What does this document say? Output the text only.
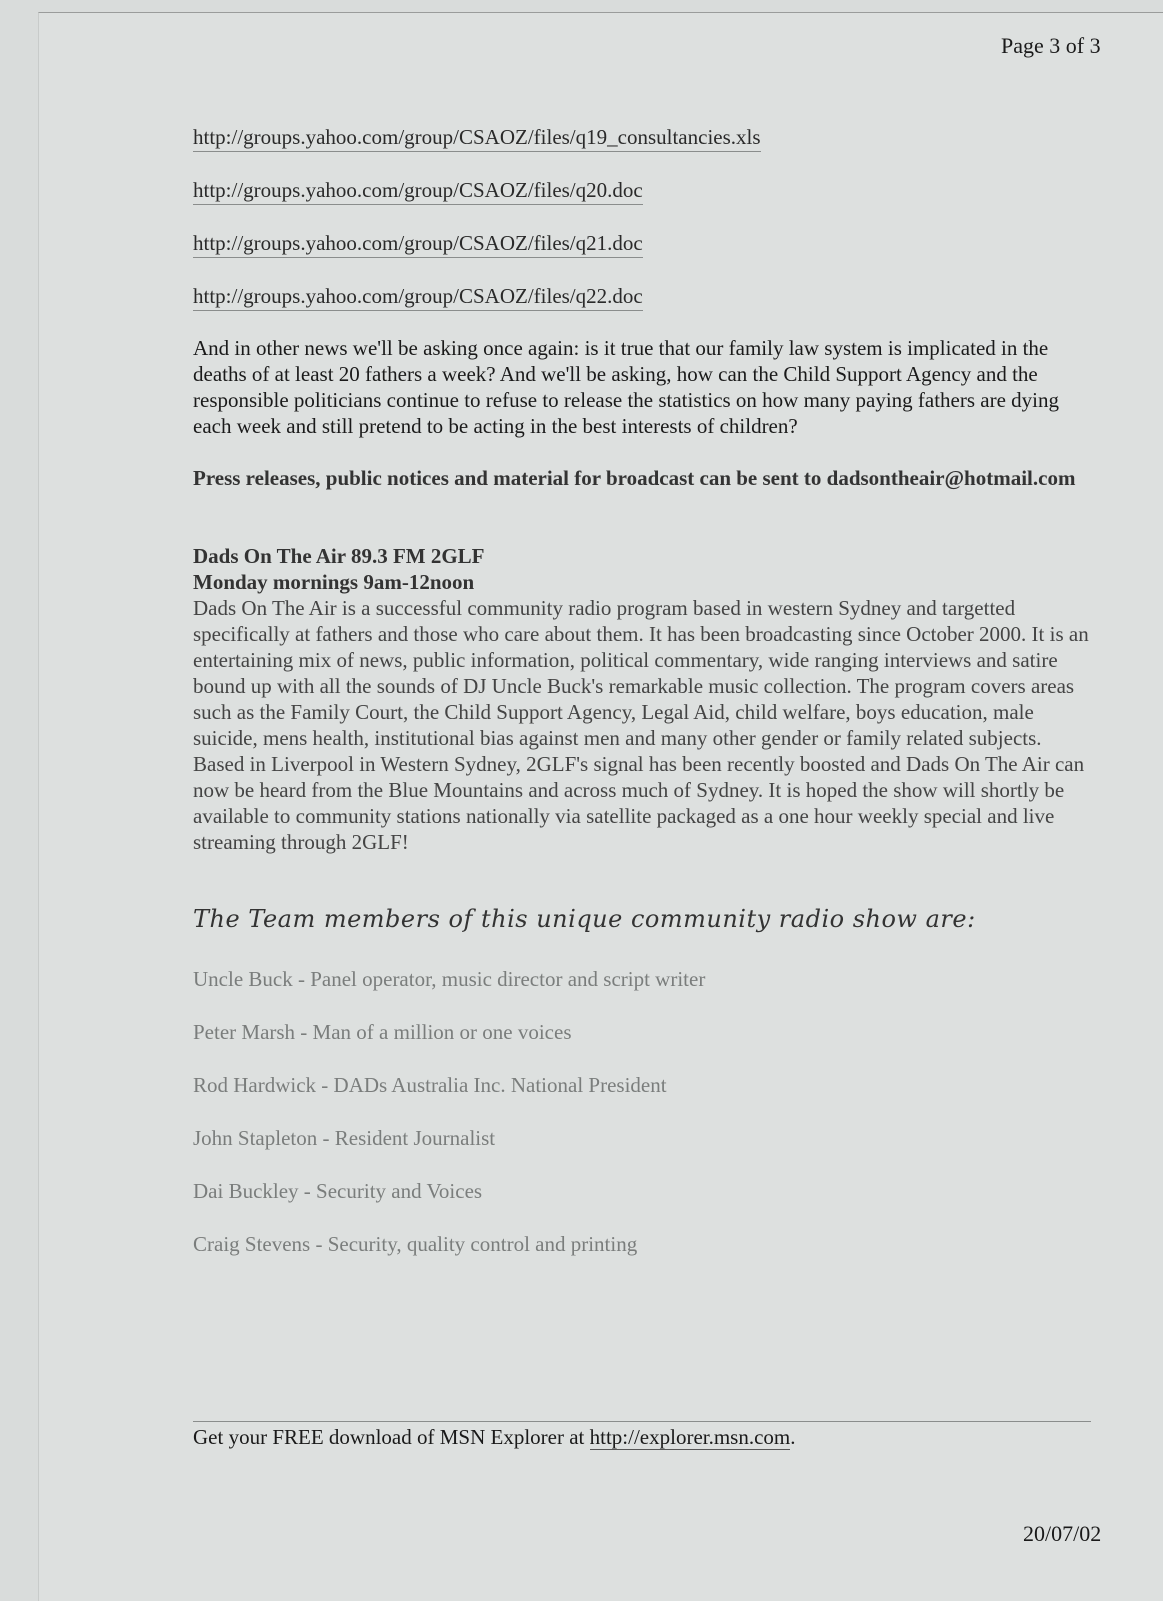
Page 3 of 3
http://groups.yahoo.com/group/CSAOZ/files/q19_consultancies.xls
http://groups.yahoo.com/group/CSAOZ/files/q20.doc
http://groups.yahoo.com/group/CSAOZ/files/q21.doc
http://groups.yahoo.com/group/CSAOZ/files/q22.doc
And in other news we'll be asking once again: is it true that our family law system is implicated in the deaths of at least 20 fathers a week? And we'll be asking, how can the Child Support Agency and the responsible politicians continue to refuse to release the statistics on how many paying fathers are dying each week and still pretend to be acting in the best interests of children?
Press releases, public notices and material for broadcast can be sent to dadsontheair@hotmail.com
Dads On The Air 89.3 FM 2GLF
Monday mornings 9am-12noon
Dads On The Air is a successful community radio program based in western Sydney and targetted specifically at fathers and those who care about them. It has been broadcasting since October 2000. It is an entertaining mix of news, public information, political commentary, wide ranging interviews and satire bound up with all the sounds of DJ Uncle Buck's remarkable music collection. The program covers areas such as the Family Court, the Child Support Agency, Legal Aid, child welfare, boys education, male suicide, mens health, institutional bias against men and many other gender or family related subjects.
Based in Liverpool in Western Sydney, 2GLF's signal has been recently boosted and Dads On The Air can now be heard from the Blue Mountains and across much of Sydney. It is hoped the show will shortly be available to community stations nationally via satellite packaged as a one hour weekly special and live streaming through 2GLF!
The Team members of this unique community radio show are:
Uncle Buck - Panel operator, music director and script writer
Peter Marsh - Man of a million or one voices
Rod Hardwick - DADs Australia Inc. National President
John Stapleton - Resident Journalist
Dai Buckley - Security and Voices
Craig Stevens - Security, quality control and printing
Get your FREE download of MSN Explorer at http://explorer.msn.com.
20/07/02
